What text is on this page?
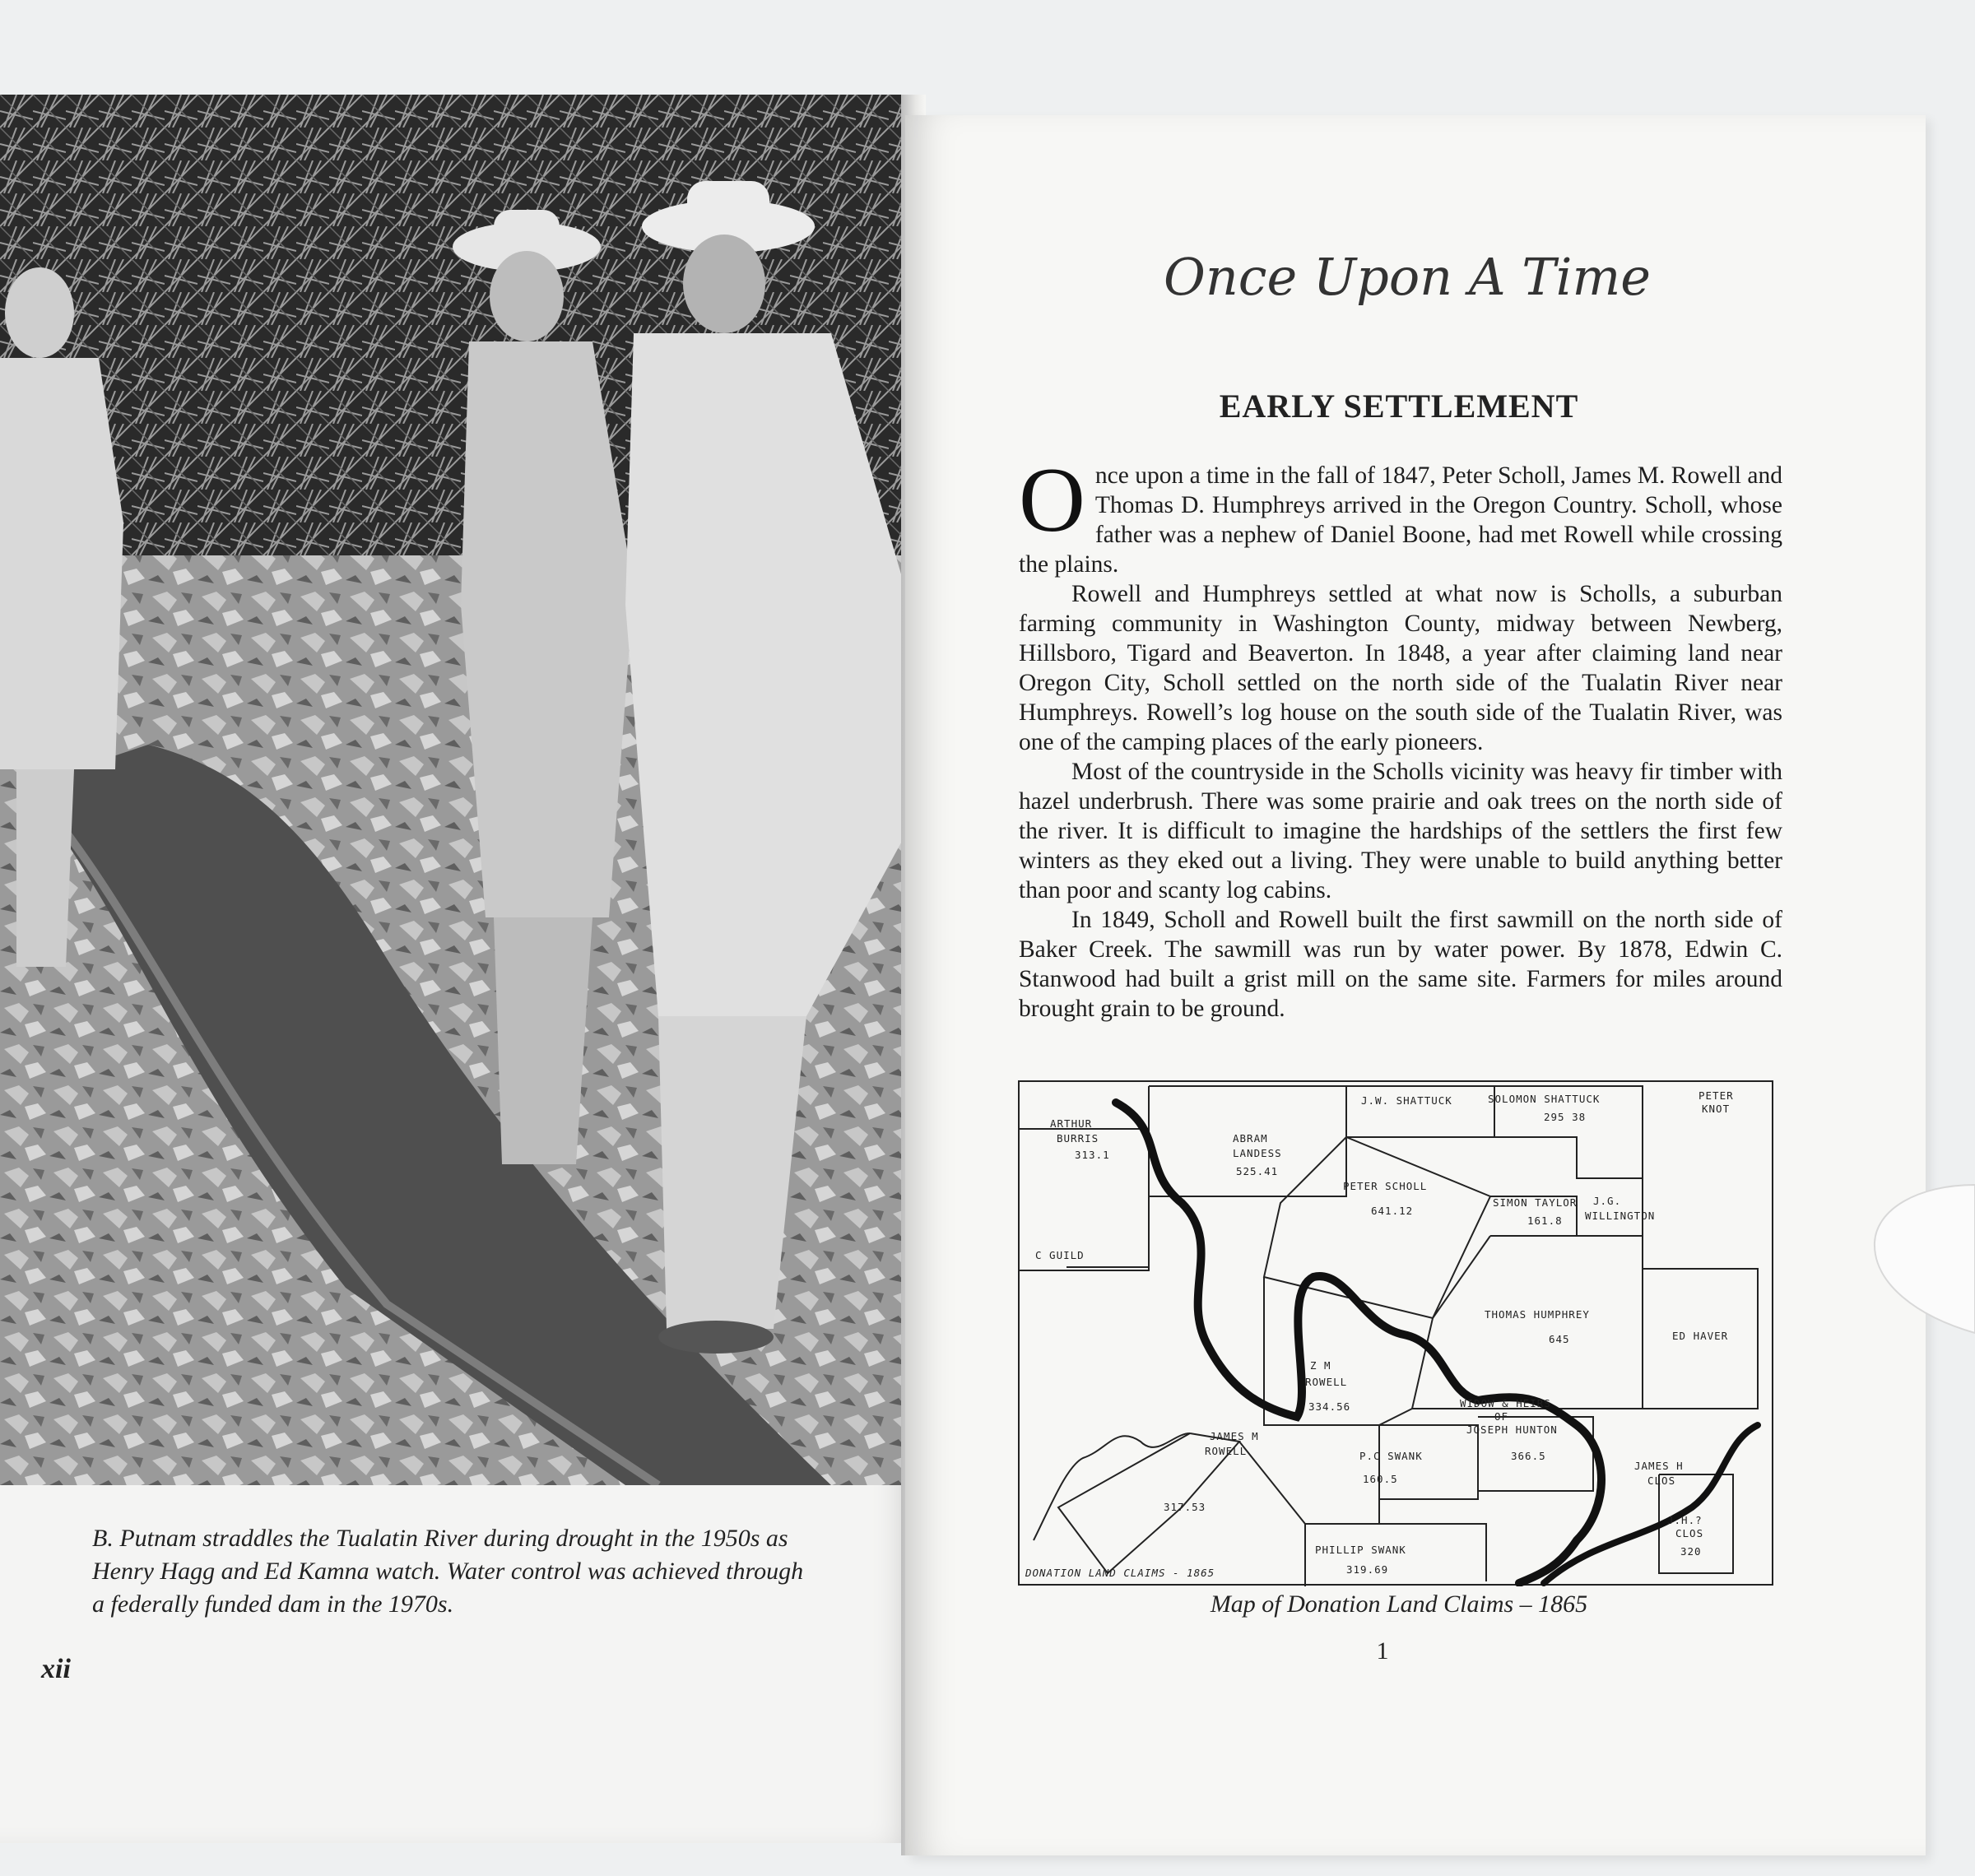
B. Putnam straddles the Tualatin River during drought in the 1950s as Henry Hagg and Ed Kamna watch. Water control was achieved through a federally funded dam in the 1970s.

xii
Once Upon A Time
EARLY SETTLEMENT

Once upon a time in the fall of 1847, Peter Scholl, James M. Rowell and Thomas D. Humphreys arrived in the Oregon Country. Scholl, whose father was a nephew of Daniel Boone, had met Rowell while crossing the plains.

Rowell and Humphreys settled at what now is Scholls, a suburban farming community in Washington County, midway between Newberg, Hillsboro, Tigard and Beaverton. In 1848, a year after claiming land near Oregon City, Scholl settled on the north side of the Tualatin River near Humphreys. Rowell’s log house on the south side of the Tualatin River, was one of the camping places of the early pioneers.

Most of the countryside in the Scholls vicinity was heavy fir timber with hazel underbrush. There was some prairie and oak trees on the north side of the river. It is difficult to imagine the hardships of the settlers the first few winters as they eked out a living. They were unable to build anything better than poor and scanty log cabins.

In 1849, Scholl and Rowell built the first sawmill on the north side of Baker Creek. The sawmill was run by water power. By 1878, Edwin C. Stanwood had built a grist mill on the same site. Farmers for miles around brought grain to be ground.

ARTHUR
BURRIS
313.1
C GUILD
ABRAM
LANDESS
525.41
J.W. SHATTUCK	SOLOMON SHATTUCK
295 38
PETER
KNOT
PETER SCHOLL
641.12
SIMON TAYLOR
161.8
J.G.
WILLINGTON
THOMAS HUMPHREY
645	ED HAVER
Z M
ROWELL
334.56	WIDOW & HEIRS
OF
JOSEPH HUNTON
366.5
JAMES M
ROWELL
317.53
P.C SWANK
160.5
PHILLIP SWANK
319.69
JAMES H
CLOS
J.H.?
CLOS
320
DONATION LAND CLAIMS - 1865
Map of Donation Land Claims – 1865
1
